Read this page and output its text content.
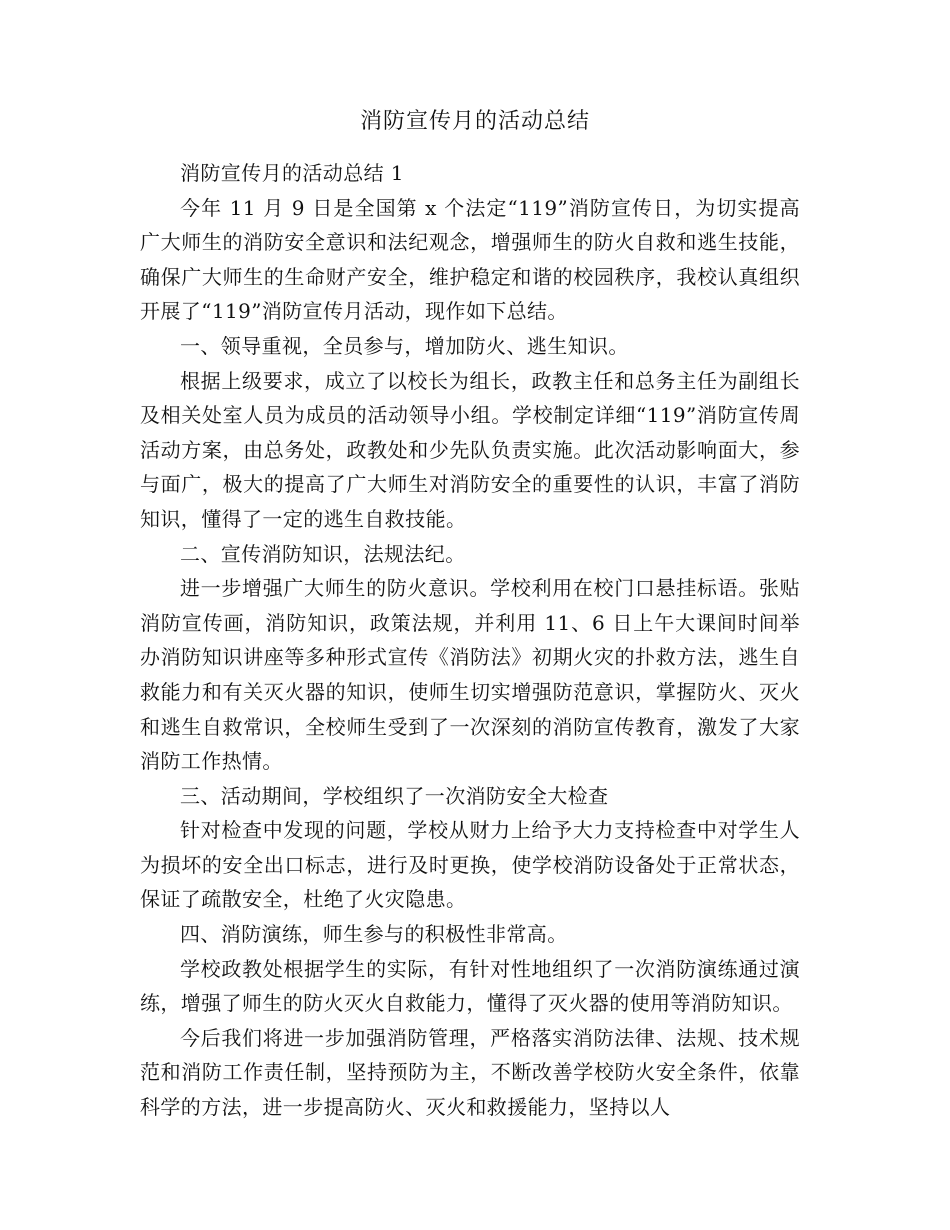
消防宣传月的活动总结

消防宣传月的活动总结 1

今年 11 月 9 日是全国第 x 个法定“119”消防宣传日，为切实提高广大师生的消防安全意识和法纪观念，增强师生的防火自救和逃生技能，确保广大师生的生命财产安全，维护稳定和谐的校园秩序，我校认真组织开展了“119”消防宣传月活动，现作如下总结。

一、领导重视，全员参与，增加防火、逃生知识。

根据上级要求，成立了以校长为组长，政教主任和总务主任为副组长及相关处室人员为成员的活动领导小组。学校制定详细“119”消防宣传周活动方案，由总务处，政教处和少先队负责实施。此次活动影响面大，参与面广，极大的提高了广大师生对消防安全的重要性的认识，丰富了消防知识，懂得了一定的逃生自救技能。

二、宣传消防知识，法规法纪。

进一步增强广大师生的防火意识。学校利用在校门口悬挂标语。张贴消防宣传画，消防知识，政策法规，并利用 11、6 日上午大课间时间举办消防知识讲座等多种形式宣传《消防法》初期火灾的扑救方法，逃生自救能力和有关灭火器的知识，使师生切实增强防范意识，掌握防火、灭火和逃生自救常识，全校师生受到了一次深刻的消防宣传教育，激发了大家消防工作热情。

三、活动期间，学校组织了一次消防安全大检查

针对检查中发现的问题，学校从财力上给予大力支持检查中对学生人为损坏的安全出口标志，进行及时更换，使学校消防设备处于正常状态，保证了疏散安全，杜绝了火灾隐患。

四、消防演练，师生参与的积极性非常高。

学校政教处根据学生的实际，有针对性地组织了一次消防演练通过演练，增强了师生的防火灭火自救能力，懂得了灭火器的使用等消防知识。

今后我们将进一步加强消防管理，严格落实消防法律、法规、技术规范和消防工作责任制，坚持预防为主，不断改善学校防火安全条件，依靠科学的方法，进一步提高防火、灭火和救援能力，坚持以人
